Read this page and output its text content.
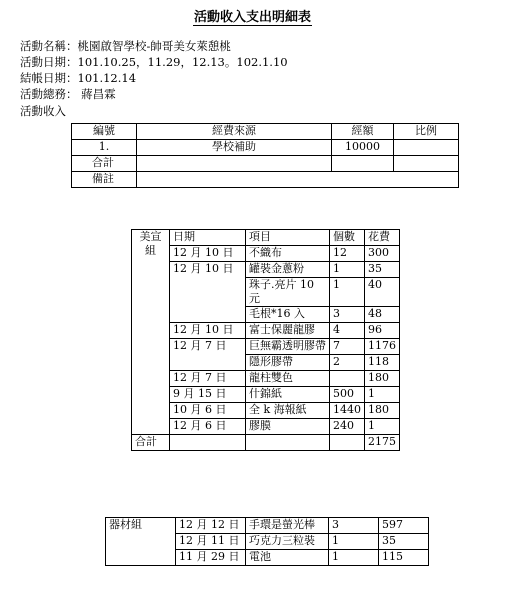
活動收入支出明細表
活動名稱：桃園啟智學校-帥哥美女萊憩桃
活動日期：101.10.25，11.29，12.13。102.1.10
結帳日期：101.12.14
活動總務： 蔣昌霖
活動收入
編號	經費來源	經額	比例
1.	學校補助	10000	
合計			
備註			
美宣組	日期	項目	個數	花費
	12 月 10 日	不織布	12	300
	12 月 10 日	罐裝金蔥粉	1	35
		珠子.亮片 10 元	1	40
		毛根*16 入	3	48
	12 月 10 日	富士保麗龍膠	4	96
	12 月 7 日	巨無霸透明膠帶	7	1176
		隱形膠帶	2	118
	12 月 7 日	龍柱雙色		180
	9 月 15 日	什錦紙	500	1
	10 月 6 日	全 k 海報紙	1440	180
	12 月 6 日	膠膜	240	1
合計				2175
器材組	12 月 12 日	手環是螢光棒	3	597
	12 月 11 日	巧克力三粒裝	1	35
	11 月 29 日	電池	1	115
